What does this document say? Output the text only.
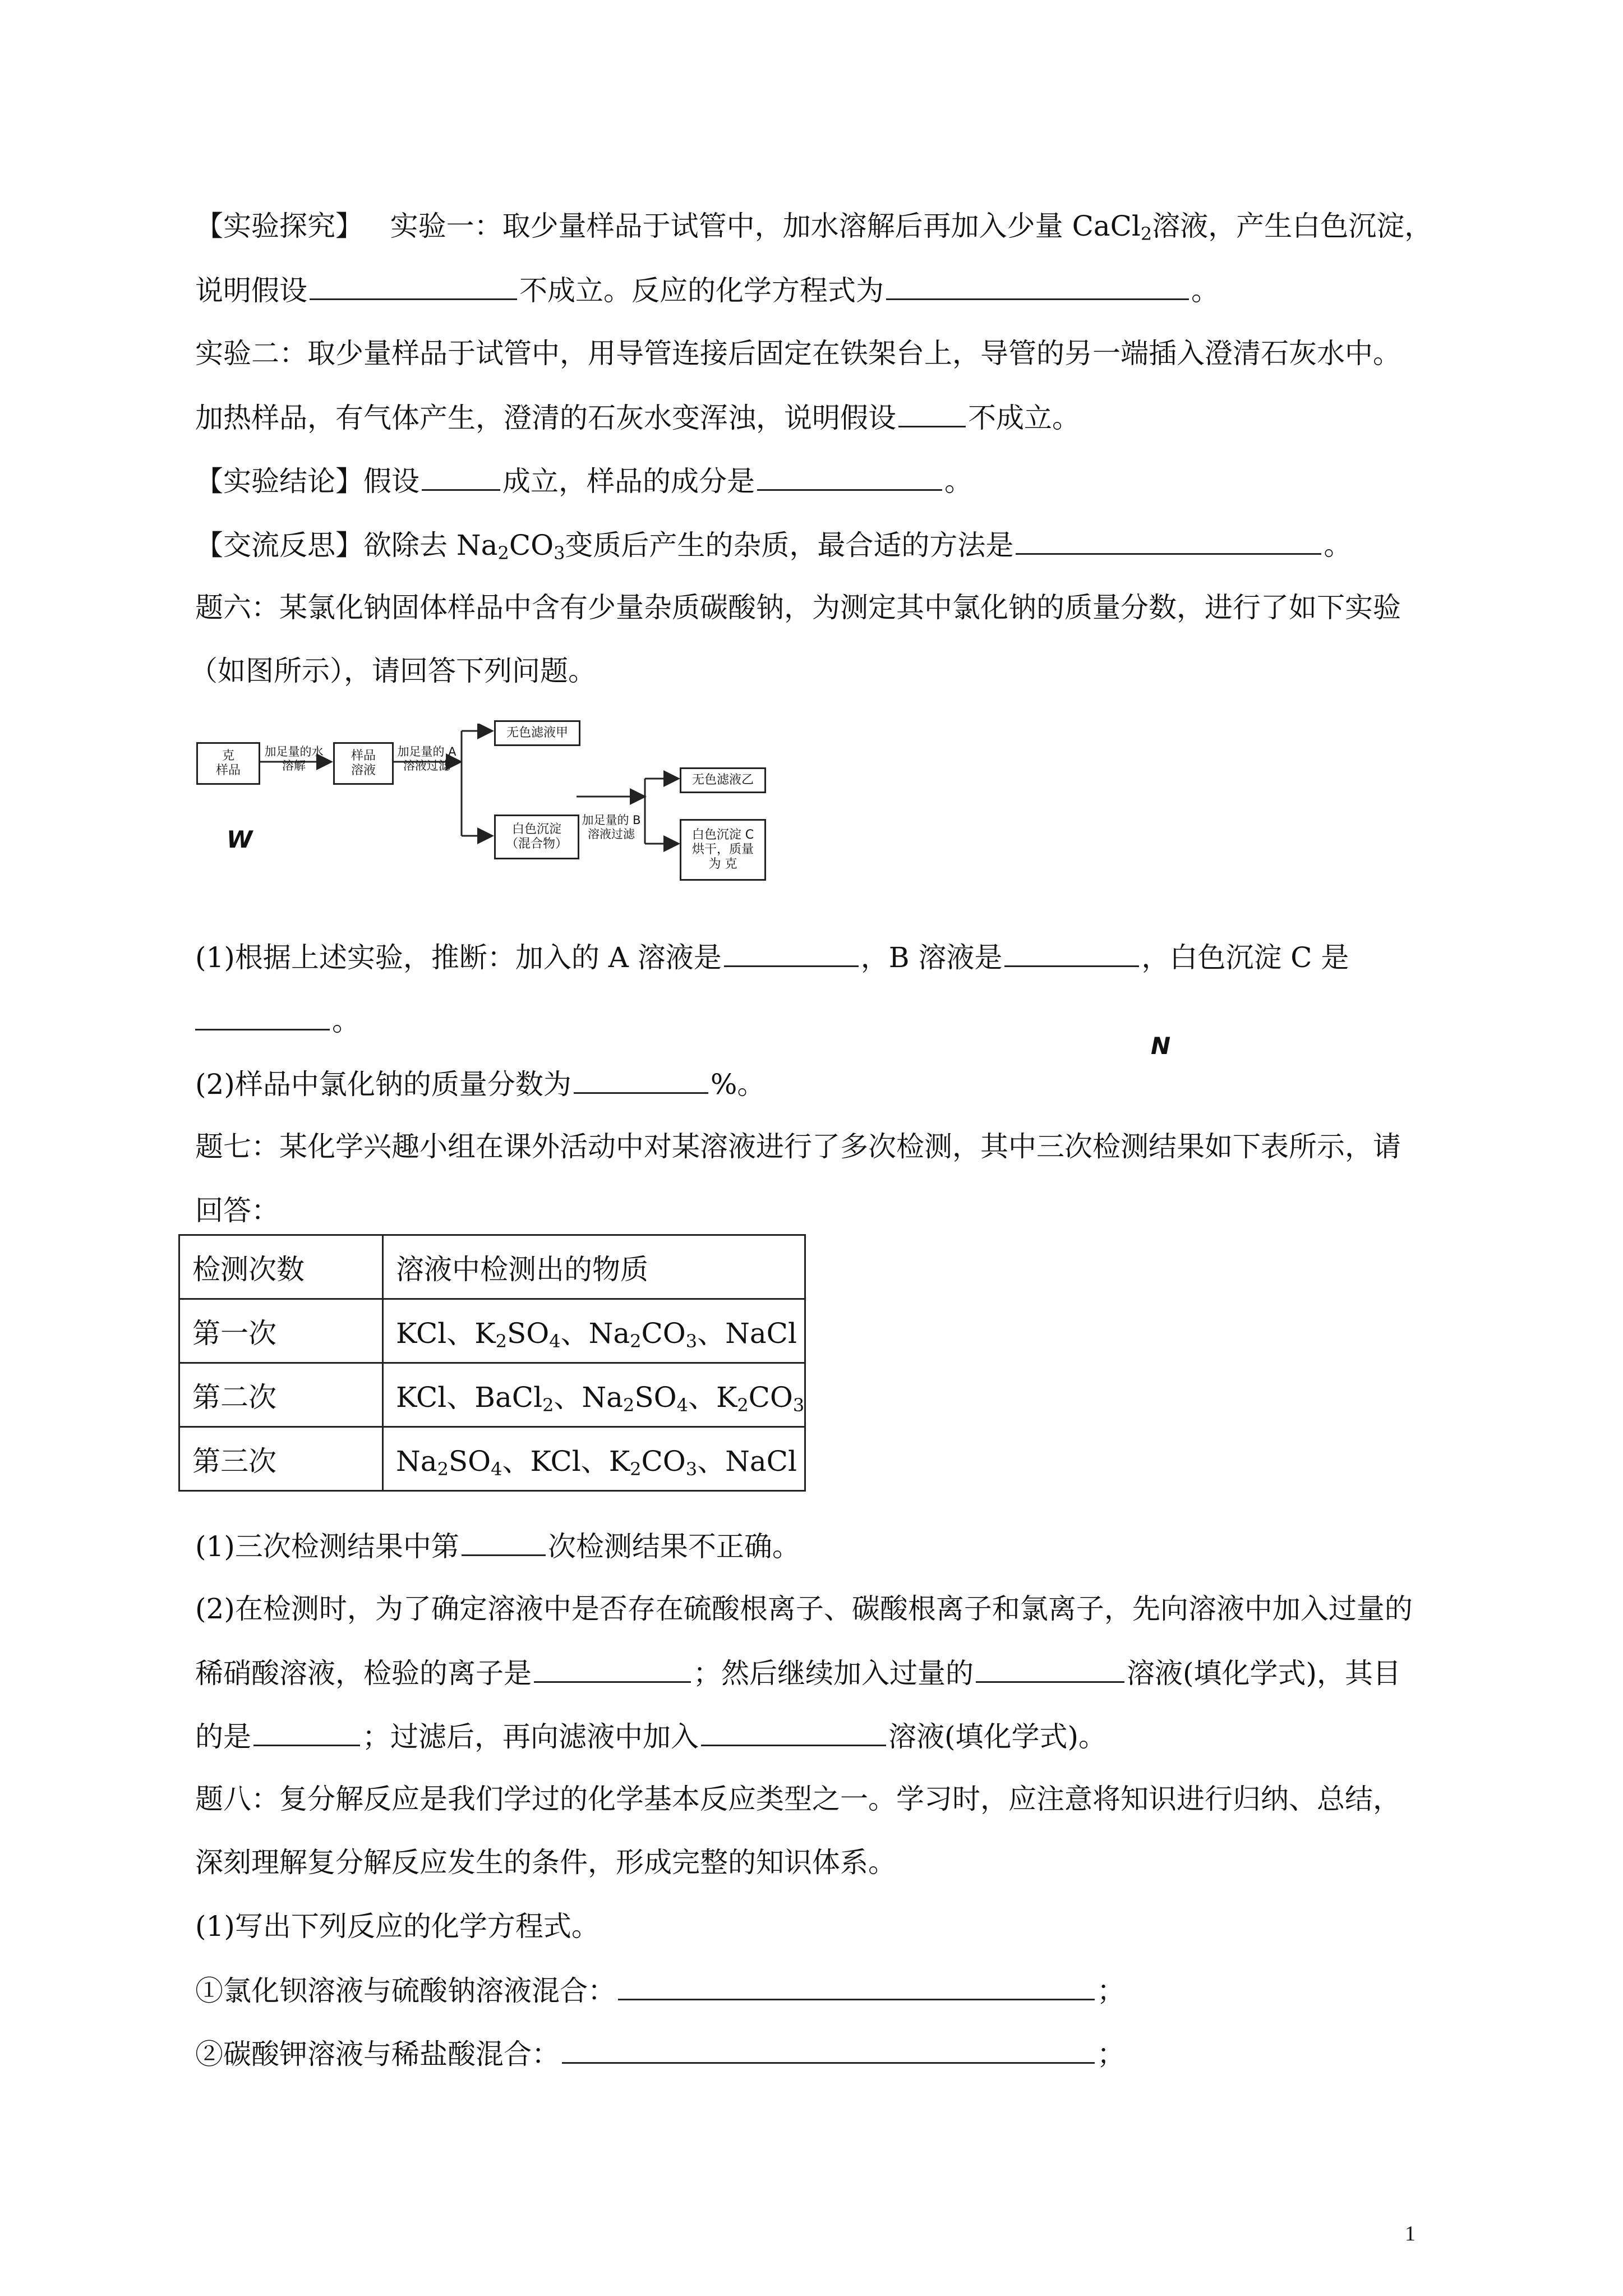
【实验探究】   实验一：取少量样品于试管中，加水溶解后再加入少量 CaCl$_2$溶液，产生白色沉淀，
说明假设	不成立。反应的化学方程式为	。
实验二：取少量样品于试管中，用导管连接后固定在铁架台上，导管的另一端插入澄清石灰水中。
加热样品，有气体产生，澄清的石灰水变浑浊，说明假设	不成立。
【实验结论】假设	成立，样品的成分是	。
【交流反思】欲除去 $Na_2CO_3$变质后产生的杂质，最合适的方法是	。
题六：某氯化钠固体样品中含有少量杂质碳酸钠，为测定其中氯化钠的质量分数，进行了如下实验
（如图所示），请回答下列问题。
克
样品
加足量的水
溶解
样品
溶液
加足量的 A
溶液过滤
无色滤液甲
白色沉淀
（混合物）
加足量的 B
溶液过滤
无色滤液乙
白色沉淀 C
烘干，质量
为 克
W
N
(1)根据上述实验，推断：加入的 A 溶液是	，B 溶液是	，白色沉淀 C 是
。
(2)样品中氯化钠的质量分数为	%。
题七：某化学兴趣小组在课外活动中对某溶液进行了多次检测，其中三次检测结果如下表所示，请
回答：
检测次数	溶液中检测出的物质
第一次	KCl、$K_2SO_4$、$Na_2CO_3$、NaCl
第二次	KCl、BaCl$_2$、$Na_2SO_4$、$K_2CO_3$
第三次	$Na_2SO_4$、KCl、$K_2CO_3$、NaCl
(1)三次检测结果中第	次检测结果不正确。
(2)在检测时，为了确定溶液中是否存在硫酸根离子、碳酸根离子和氯离子，先向溶液中加入过量的
稀硝酸溶液，检验的离子是	；然后继续加入过量的	溶液(填化学式)，其目
的是	；过滤后，再向滤液中加入	溶液(填化学式)。
题八：复分解反应是我们学过的化学基本反应类型之一。学习时，应注意将知识进行归纳、总结，
深刻理解复分解反应发生的条件，形成完整的知识体系。
(1)写出下列反应的化学方程式。
①氯化钡溶液与硫酸钠溶液混合：	；
②碳酸钾溶液与稀盐酸混合：	；
1
